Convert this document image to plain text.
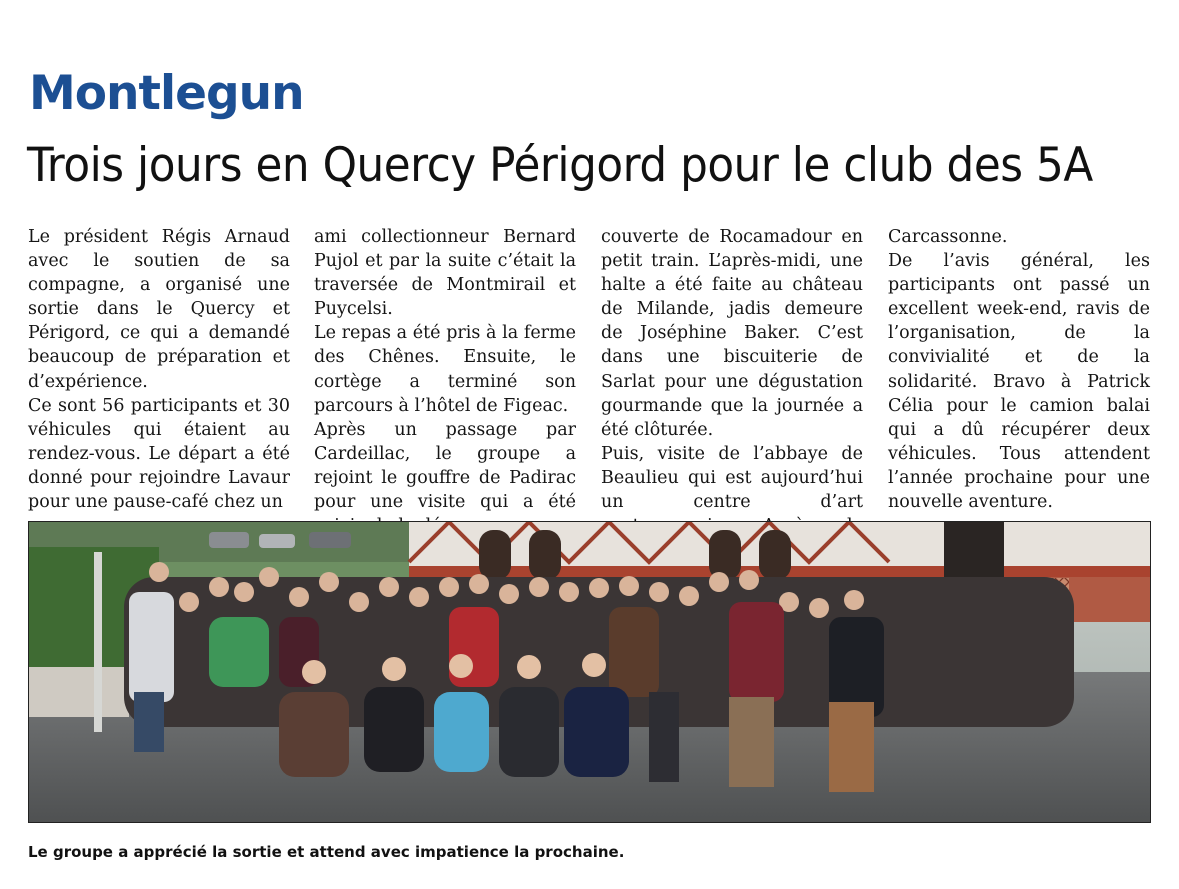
Montlegun
Trois jours en Quercy Périgord pour le club des 5A

Le président Régis Arnaud avec le soutien de sa compagne, a organisé une sortie dans le Quercy et Périgord, ce qui a demandé beaucoup de préparation et d’expérience.

Ce sont 56 participants et 30 véhicules qui étaient au rendez-vous. Le départ a été donné pour rejoindre Lavaur pour une pause-café chez un

ami collectionneur Bernard Pujol et par la suite c’était la traversée de Montmirail et Puycelsi.

Le repas a été pris à la ferme des Chênes. Ensuite, le cortège a terminé son parcours à l’hôtel de Figeac.

Après un passage par Cardeillac, le groupe a rejoint le gouffre de Padirac pour une visite qui a été

couverte de Rocamadour en petit train. L’après-midi, une halte a été faite au château de Milande, jadis demeure de Joséphine Baker. C’est dans une biscuiterie de Sarlat pour une dégustation gourmande que la journée a été clôturée.

Puis, visite de l’abbaye de Beaulieu qui est aujourd’hui un centre d’art

Carcassonne.

De l’avis général, les participants ont passé un excellent week-end, ravis de l’organisation, de la convivialité et de la solidarité. Bravo à Patrick Célia pour le camion balai qui a dû récupérer deux véhicules. Tous attendent l’année prochaine pour une nouvelle aventure.

Le groupe a apprécié la sortie et attend avec impatience la prochaine.
